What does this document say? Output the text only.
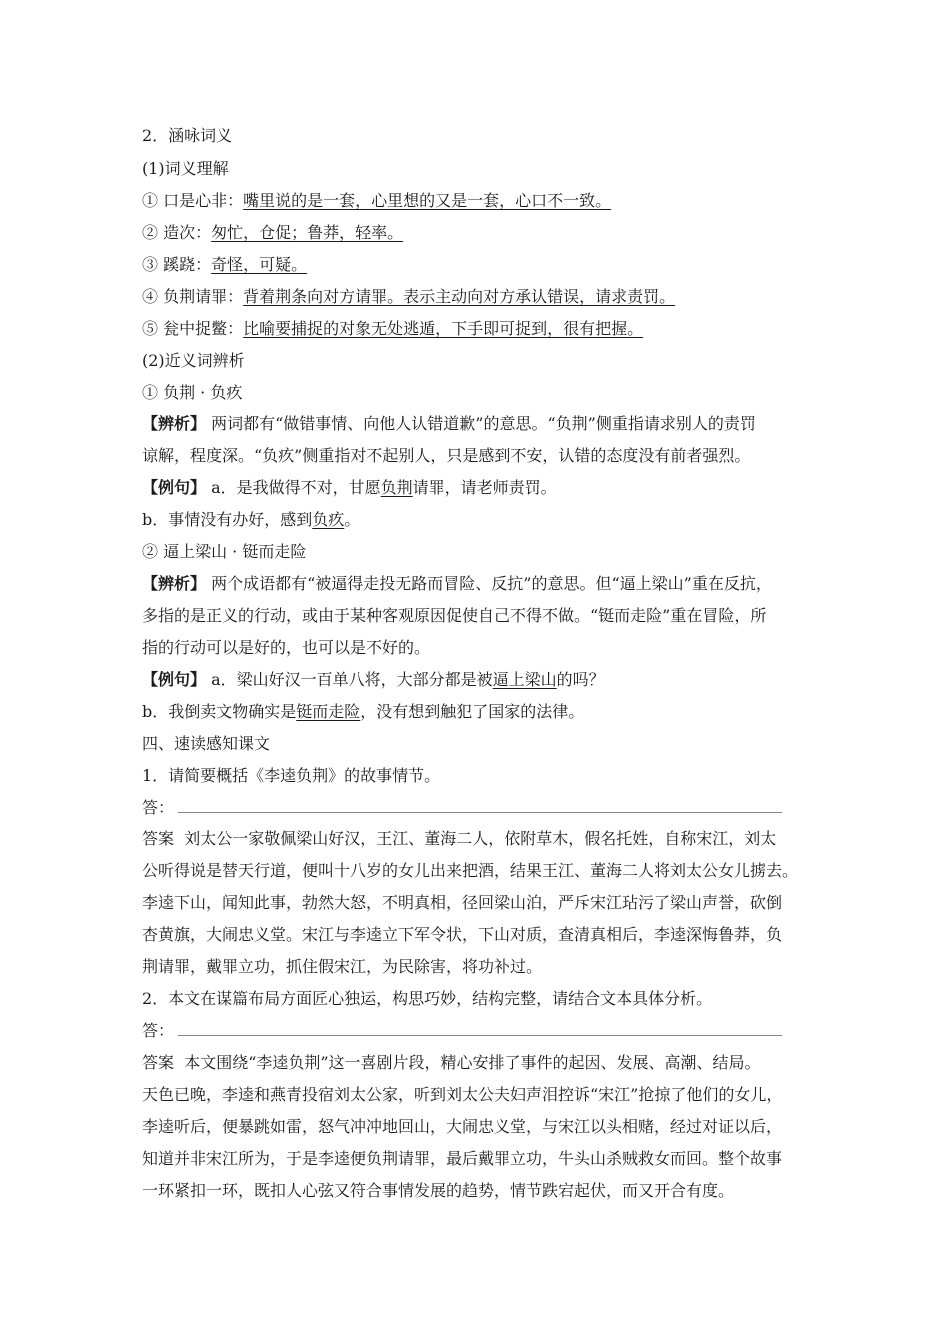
2．涵咏词义
(1)词义理解
① 口是心非：嘴里说的是一套，心里想的又是一套，心口不一致。
② 造次：匆忙，仓促；鲁莽，轻率。
③ 蹊跷：奇怪，可疑。
④ 负荆请罪：背着荆条向对方请罪。表示主动向对方承认错误，请求责罚。
⑤ 瓮中捉鳖：比喻要捕捉的对象无处逃遁，下手即可捉到，很有把握。
(2)近义词辨析
① 负荆 · 负疚
【辨析】 两词都有“做错事情、向他人认错道歉”的意思。“负荆”侧重指请求别人的责罚
谅解，程度深。“负疚”侧重指对不起别人，只是感到不安，认错的态度没有前者强烈。
【例句】 a．是我做得不对，甘愿负荆请罪，请老师责罚。
b．事情没有办好，感到负疚。
② 逼上梁山 · 铤而走险
【辨析】 两个成语都有“被逼得走投无路而冒险、反抗”的意思。但“逼上梁山”重在反抗，
多指的是正义的行动，或由于某种客观原因促使自己不得不做。“铤而走险”重在冒险，所
指的行动可以是好的，也可以是不好的。
【例句】 a．梁山好汉一百单八将，大部分都是被逼上梁山的吗？
b．我倒卖文物确实是铤而走险，没有想到触犯了国家的法律。
四、速读感知课文
1．请简要概括《李逵负荆》的故事情节。
答：
答案 刘太公一家敬佩梁山好汉，王江、董海二人，依附草木，假名托姓，自称宋江，刘太
公听得说是替天行道，便叫十八岁的女儿出来把酒，结果王江、董海二人将刘太公女儿掳去。
李逵下山，闻知此事，勃然大怒，不明真相，径回梁山泊，严斥宋江玷污了梁山声誉，砍倒
杏黄旗，大闹忠义堂。宋江与李逵立下军令状，下山对质，查清真相后，李逵深悔鲁莽，负
荆请罪，戴罪立功，抓住假宋江，为民除害，将功补过。
2．本文在谋篇布局方面匠心独运，构思巧妙，结构完整，请结合文本具体分析。
答：
答案 本文围绕“李逵负荆”这一喜剧片段，精心安排了事件的起因、发展、高潮、结局。
天色已晚，李逵和燕青投宿刘太公家，听到刘太公夫妇声泪控诉“宋江”抢掠了他们的女儿，
李逵听后，便暴跳如雷，怒气冲冲地回山，大闹忠义堂，与宋江以头相赌，经过对证以后，
知道并非宋江所为，于是李逵便负荆请罪，最后戴罪立功，牛头山杀贼救女而回。整个故事
一环紧扣一环，既扣人心弦又符合事情发展的趋势，情节跌宕起伏，而又开合有度。
